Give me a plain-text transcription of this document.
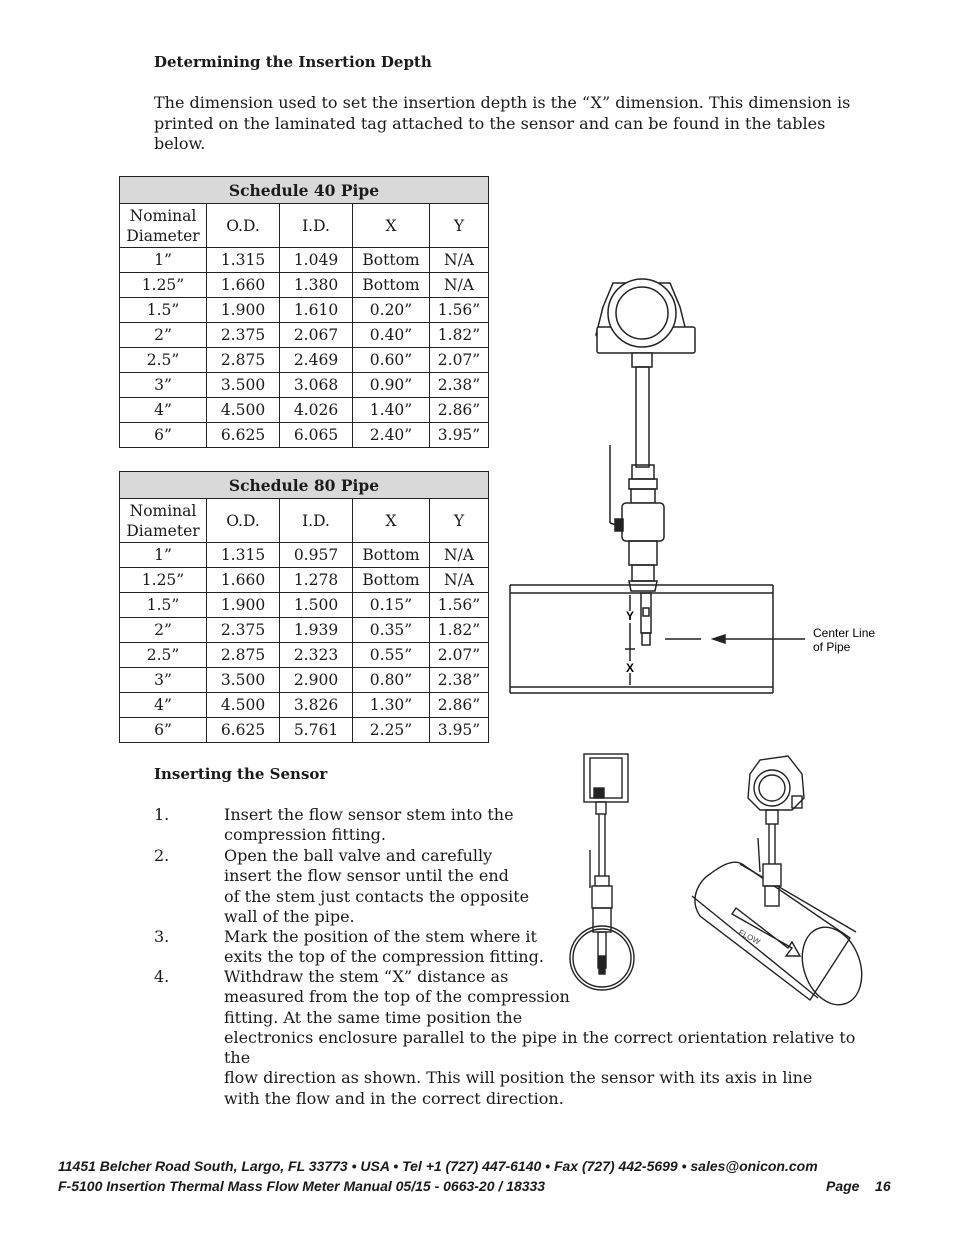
Determining the Insertion Depth
The dimension used to set the insertion depth is the “X” dimension. This dimension is
printed on the laminated tag attached to the sensor and can be found in the tables below.
Schedule 40 Pipe				

Nominal
Diameter	O.D.	I.D.	X	Y
1”	1.315	1.049	Bottom	N/A
1.25”	1.660	1.380	Bottom	N/A
1.5”	1.900	1.610	0.20”	1.56”
2”	2.375	2.067	0.40”	1.82”
2.5”	2.875	2.469	0.60”	2.07”
3”	3.500	3.068	0.90”	2.38”
4”	4.500	4.026	1.40”	2.86”
6”	6.625	6.065	2.40”	3.95”
Schedule 80 Pipe				

Nominal
Diameter	O.D.	I.D.	X	Y
1”	1.315	0.957	Bottom	N/A
1.25”	1.660	1.278	Bottom	N/A
1.5”	1.900	1.500	0.15”	1.56”
2”	2.375	1.939	0.35”	1.82”
2.5”	2.875	2.323	0.55”	2.07”
3”	3.500	2.900	0.80”	2.38”
4”	4.500	3.826	1.30”	2.86”
6”	6.625	5.761	2.25”	3.95”
Y
X
Center Line
of Pipe
Inserting the Sensor
1.	Insert the flow sensor stem into the
compression fitting.
2.	Open the ball valve and carefully
insert the flow sensor until the end
of the stem just contacts the opposite
wall of the pipe.
3.	Mark the position of the stem where it
exits the top of the compression fitting.
4.	Withdraw the stem “X” distance as
measured from the top of the compression
fitting. At the same time position the
electronics enclosure parallel to the pipe in the correct orientation relative to the
flow direction as shown. This will position the sensor with its axis in line
with the flow and in the correct direction.
FLOW
11451 Belcher Road South, Largo, FL 33773 • USA • Tel +1 (727) 447-6140 • Fax (727) 442-5699 • sales@onicon.com
F-5100 Insertion Thermal Mass Flow Meter Manual 05/15 - 0663-20 / 18333	Page 16
